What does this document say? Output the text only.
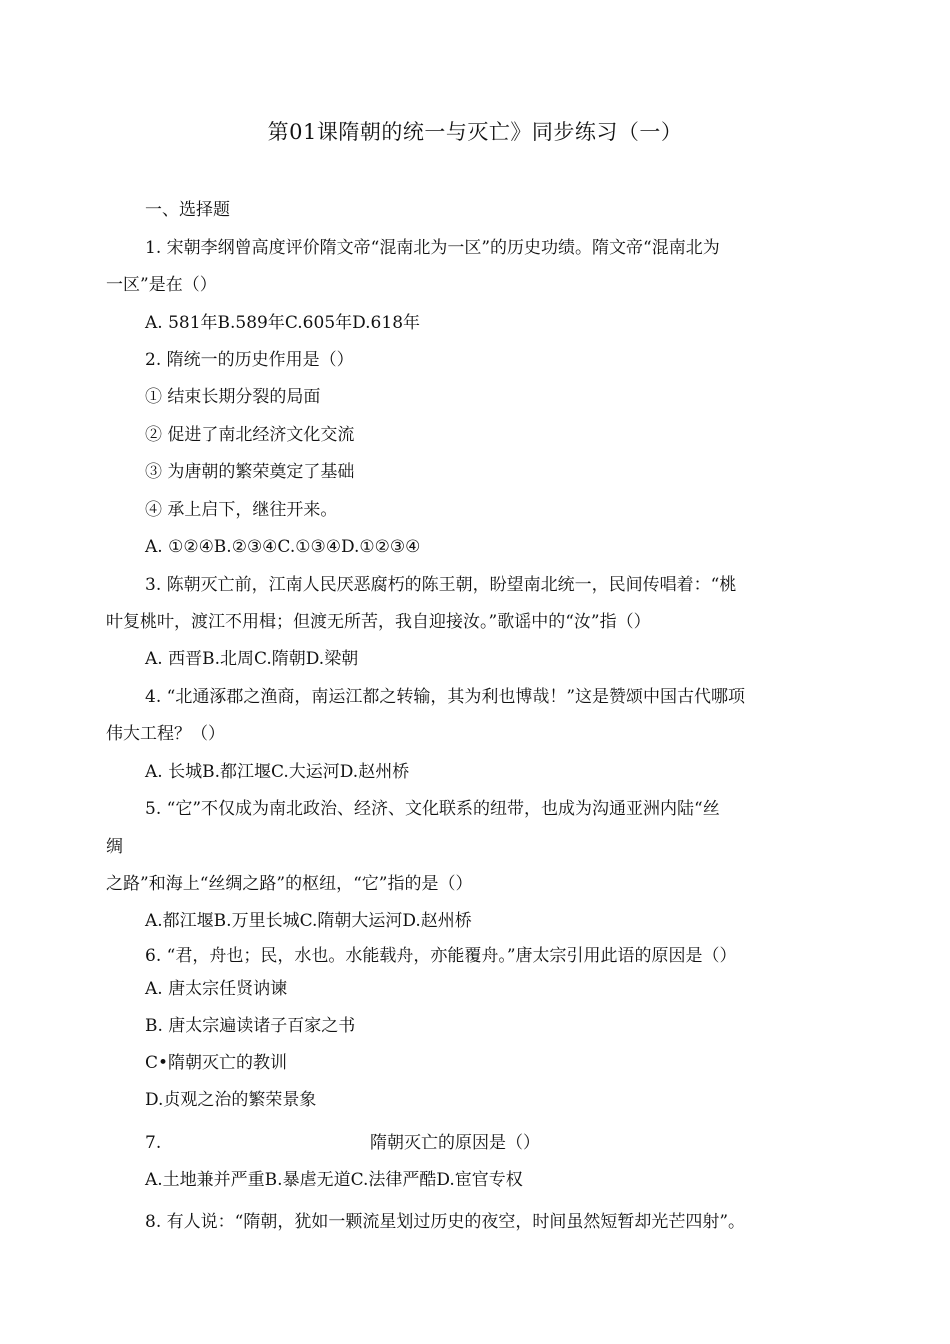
第01课隋朝的统一与灭亡》同步练习（一）
一、选择题
1. 宋朝李纲曾高度评价隋文帝“混南北为一区”的历史功绩。隋文帝“混南北为
一区”是在（）
A. 581年B.589年C.605年D.618年
2. 隋统一的历史作用是（）
① 结束长期分裂的局面
② 促进了南北经济文化交流
③ 为唐朝的繁荣奠定了基础
④ 承上启下，继往开来。
A. ①②④B.②③④C.①③④D.①②③④
3. 陈朝灭亡前，江南人民厌恶腐朽的陈王朝，盼望南北统一，民间传唱着：“桃
叶复桃叶，渡江不用楫；但渡无所苦，我自迎接汝。”歌谣中的“汝”指（）
A. 西晋B.北周C.隋朝D.梁朝
4. “北通涿郡之渔商，南运江都之转输，其为利也博哉！”这是赞颂中国古代哪项
伟大工程？（）
A. 长城B.都江堰C.大运河D.赵州桥
5. “它”不仅成为南北政治、经济、文化联系的纽带，也成为沟通亚洲内陆“丝
绸
之路”和海上“丝绸之路”的枢纽，“它”指的是（）
A.都江堰B.万里长城C.隋朝大运河D.赵州桥
6. “君，舟也；民，水也。水能载舟，亦能覆舟。”唐太宗引用此语的原因是（）
A. 唐太宗任贤讷谏
B. 唐太宗遍读诸子百家之书
C•隋朝灭亡的教训
D.贞观之治的繁荣景象
7.	隋朝灭亡的原因是（）
A.土地兼并严重B.暴虐无道C.法律严酷D.宦官专权
8. 有人说：“隋朝，犹如一颗流星划过历史的夜空，时间虽然短暂却光芒四射”。
